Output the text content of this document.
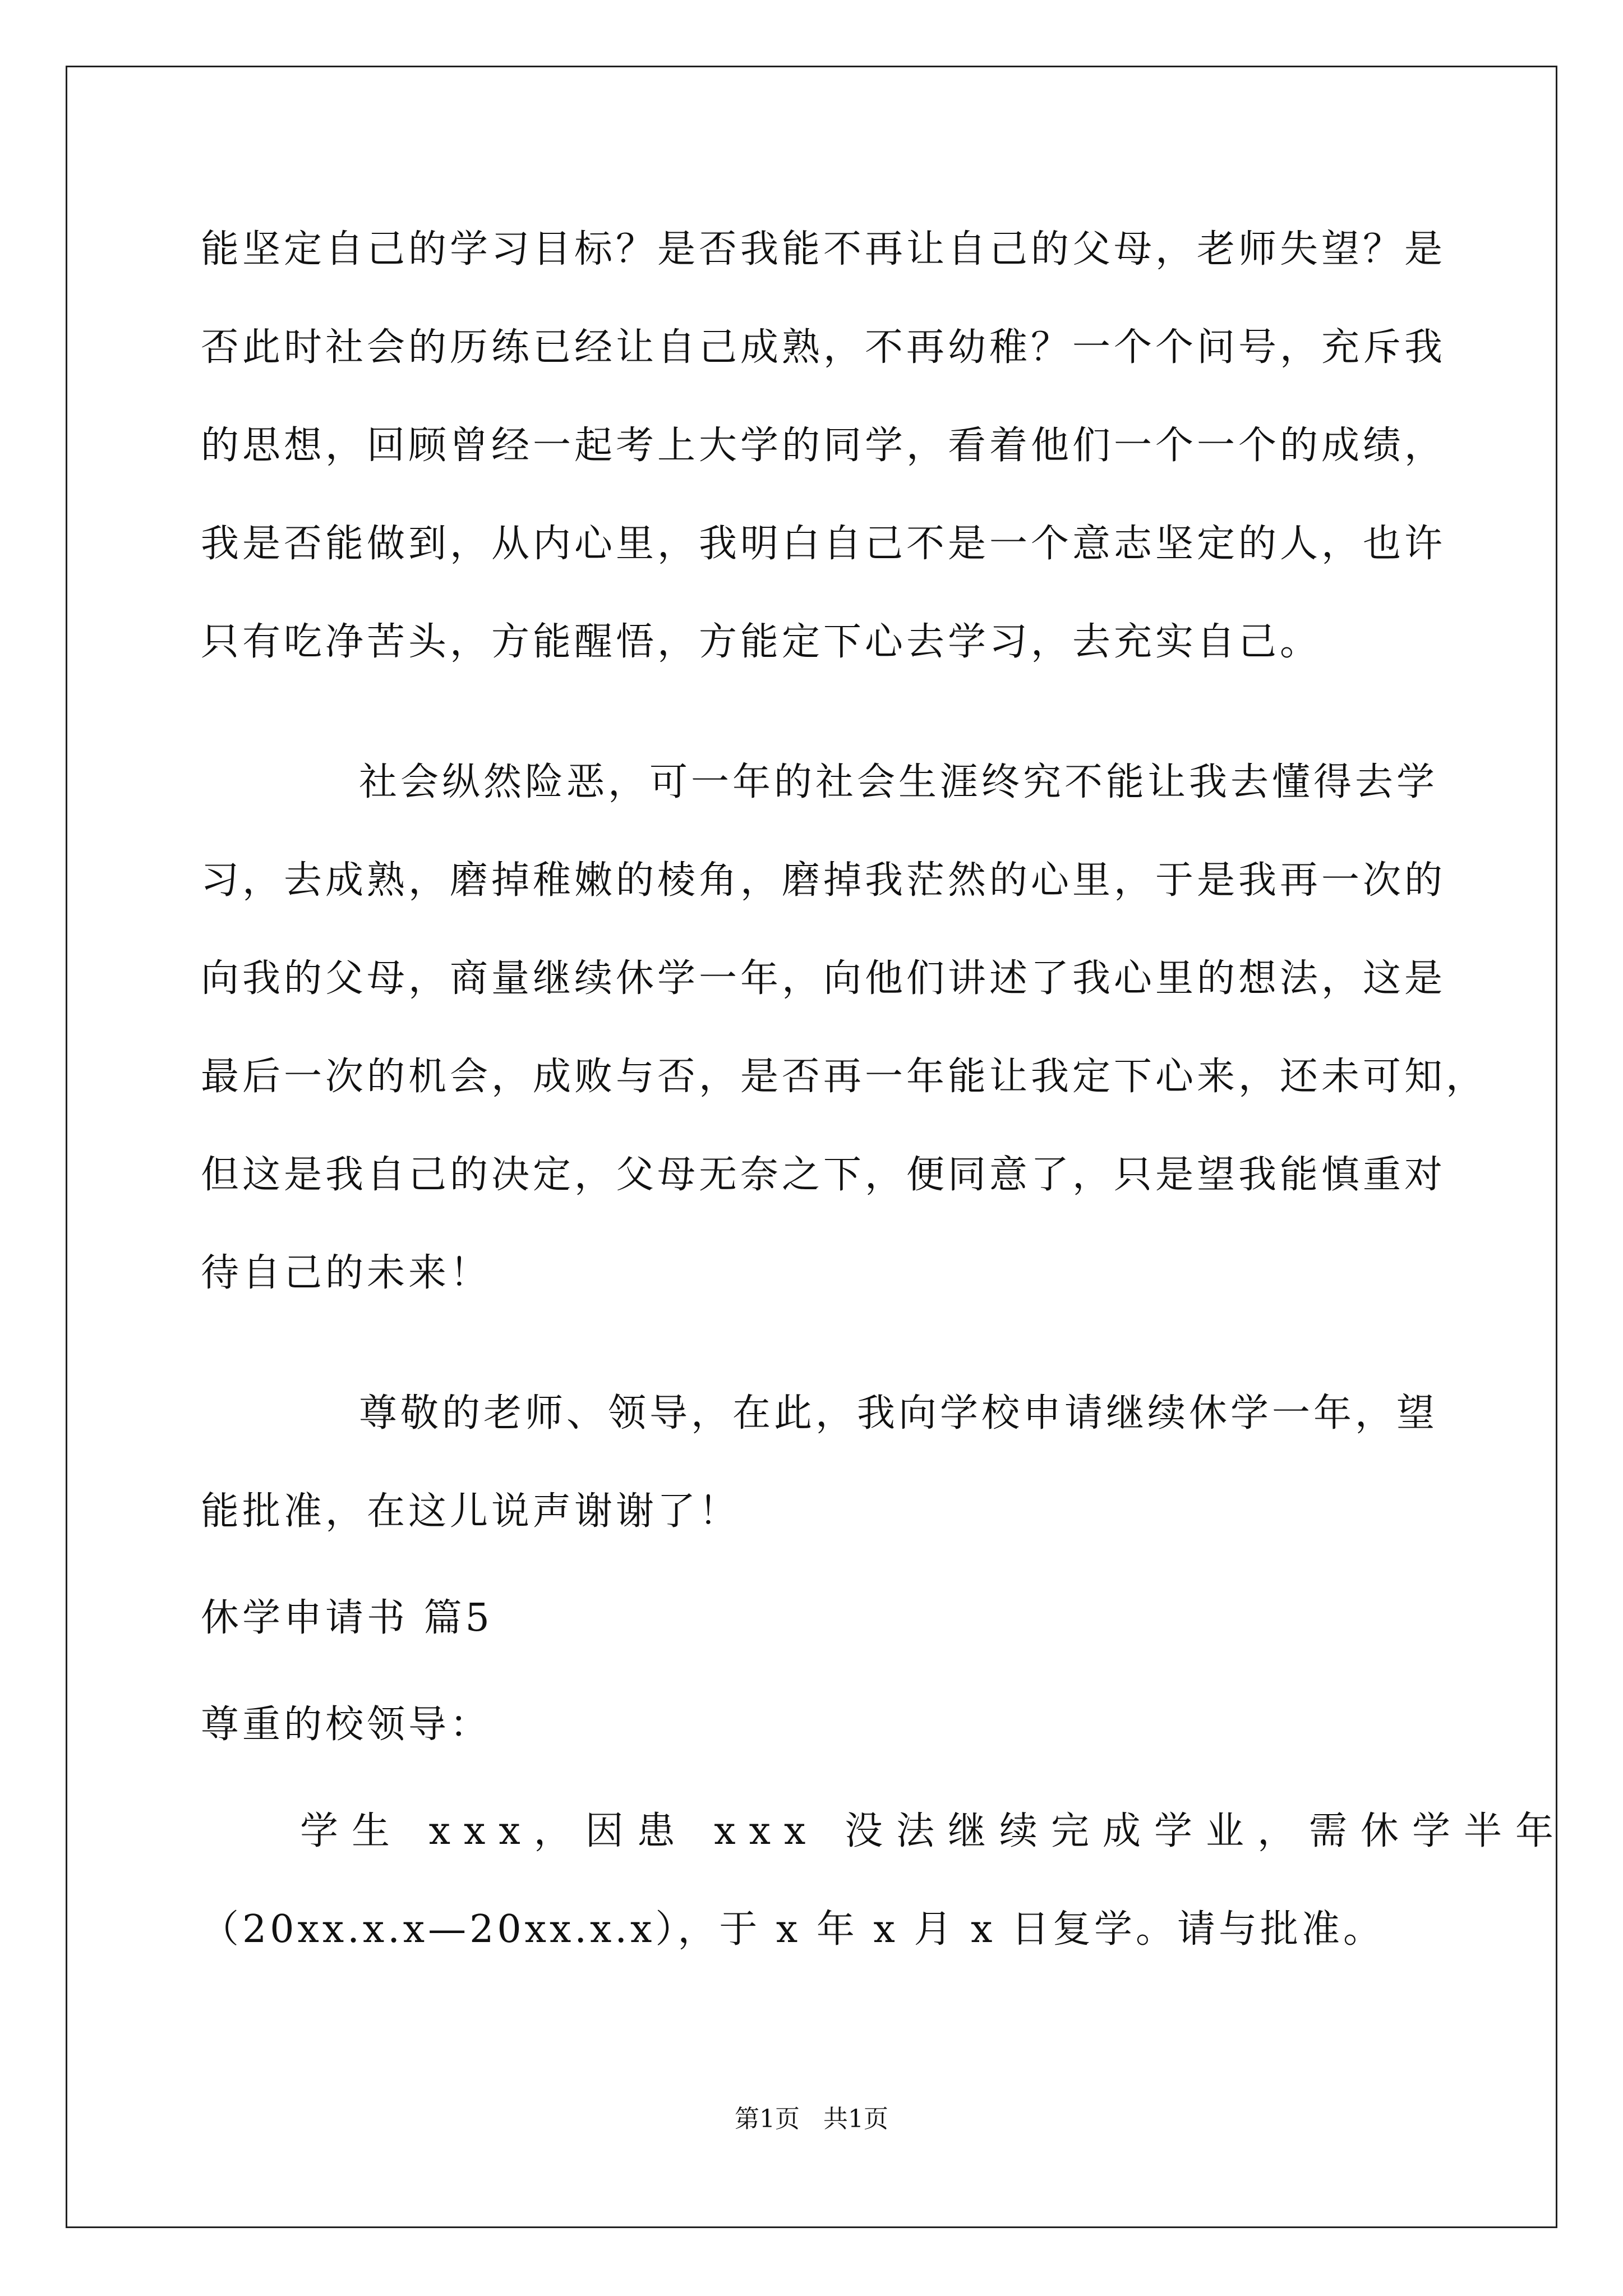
能坚定自己的学习目标？是否我能不再让自己的父母，老师失望？是
否此时社会的历练已经让自己成熟，不再幼稚？一个个问号，充斥我
的思想，回顾曾经一起考上大学的同学，看着他们一个一个的成绩，
我是否能做到，从内心里，我明白自己不是一个意志坚定的人，也许
只有吃净苦头，方能醒悟，方能定下心去学习，去充实自己。
社会纵然险恶，可一年的社会生涯终究不能让我去懂得去学
习，去成熟，磨掉稚嫩的棱角，磨掉我茫然的心里，于是我再一次的
向我的父母，商量继续休学一年，向他们讲述了我心里的想法，这是
最后一次的机会，成败与否，是否再一年能让我定下心来，还未可知，
但这是我自己的决定，父母无奈之下，便同意了，只是望我能慎重对
待自己的未来！
尊敬的老师、领导，在此，我向学校申请继续休学一年，望
能批准，在这儿说声谢谢了！
休学申请书 篇5
尊重的校领导：
学生 xxx，因患 xxx 没法继续完成学业，需休学半年
（20xx.x.x—20xx.x.x），于 x 年 x 月 x 日复学。请与批准。
第1页   共1页
